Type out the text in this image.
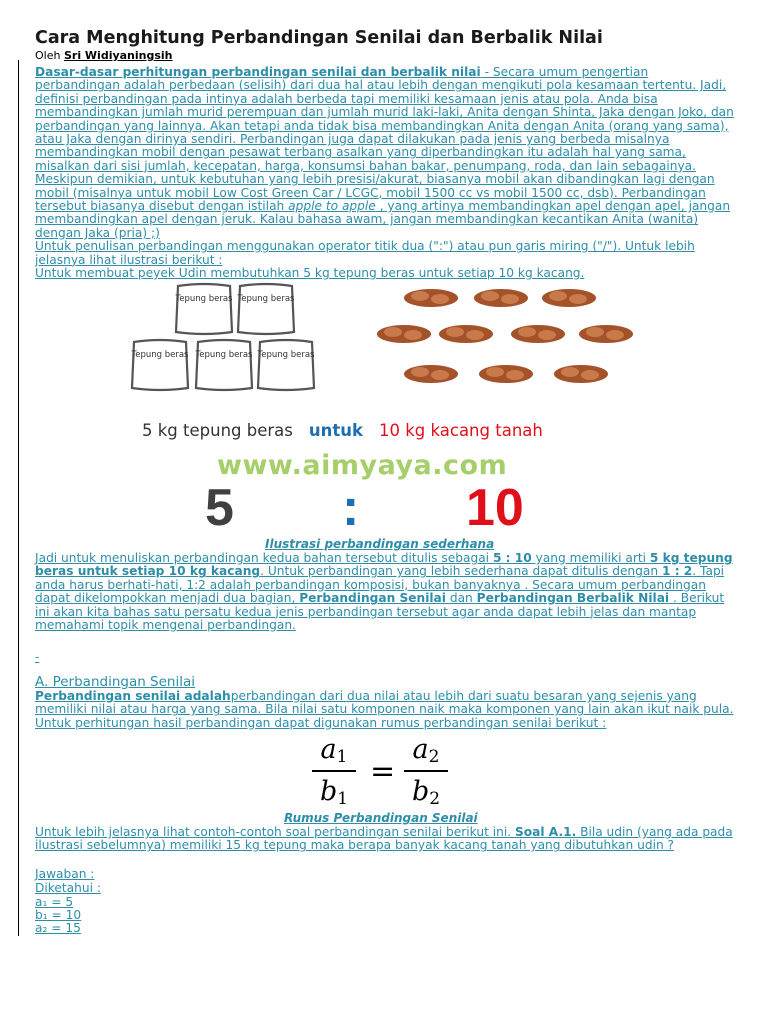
Cara Menghitung Perbandingan Senilai dan Berbalik Nilai
Oleh Sri Widiyaningsih

Dasar-dasar perhitungan perbandingan senilai dan berbalik nilai - Secara umum pengertian perbandingan adalah perbedaan (selisih) dari dua hal atau lebih dengan mengikuti pola kesamaan tertentu. Jadi, definisi perbandingan pada intinya adalah berbeda tapi memiliki kesamaan jenis atau pola. Anda bisa membandingkan jumlah murid perempuan dan jumlah murid laki-laki, Anita dengan Shinta, Jaka dengan Joko, dan perbandingan yang lainnya. Akan tetapi anda tidak bisa membandingkan Anita dengan Anita (orang yang sama), atau Jaka dengan dirinya sendiri. Perbandingan juga dapat dilakukan pada jenis yang berbeda misalnya membandingkan mobil dengan pesawat terbang asalkan yang diperbandingkan itu adalah hal yang sama, misalkan dari sisi jumlah, kecepatan, harga, konsumsi bahan bakar, penumpang, roda, dan lain sebagainya. Meskipun demikian, untuk kebutuhan yang lebih presisi/akurat, biasanya mobil akan dibandingkan lagi dengan mobil (misalnya untuk mobil Low Cost Green Car / LCGC, mobil 1500 cc vs mobil 1500 cc, dsb). Perbandingan tersebut biasanya disebut dengan istilah apple to apple , yang artinya membandingkan apel dengan apel, jangan membandingkan apel dengan jeruk. Kalau bahasa awam, jangan membandingkan kecantikan Anita (wanita) dengan Jaka (pria) ;)
Untuk penulisan perbandingan menggunakan operator titik dua (":") atau pun garis miring ("/"). Untuk lebih jelasnya lihat ilustrasi berikut :
Untuk membuat peyek Udin membutuhkan 5 kg tepung beras untuk setiap 10 kg kacang.

Tepung beras Tepung beras
Tepung beras Tepung beras Tepung beras
5 kg tepung beras untuk 10 kg kacang tanah
www.aimyaya.com
5 : 10
Ilustrasi perbandingan sederhana

Jadi untuk menuliskan perbandingan kedua bahan tersebut ditulis sebagai 5 : 10 yang memiliki arti 5 kg tepung beras untuk setiap 10 kg kacang. Untuk perbandingan yang lebih sederhana dapat ditulis dengan 1 : 2. Tapi anda harus berhati-hati, 1:2 adalah perbandingan komposisi, bukan banyaknya . Secara umum perbandingan dapat dikelompokkan menjadi dua bagian, Perbandingan Senilai dan Perbandingan Berbalik Nilai . Berikut ini akan kita bahas satu persatu kedua jenis perbandingan tersebut agar anda dapat lebih jelas dan mantap memahami topik mengenai perbandingan.

-
A. Perbandingan Senilai

Perbandingan senilai adalahperbandingan dari dua nilai atau lebih dari suatu besaran yang sejenis yang memiliki nilai atau harga yang sama. Bila nilai satu komponen naik maka komponen yang lain akan ikut naik pula. Untuk perhitungan hasil perbandingan dapat digunakan rumus perbandingan senilai berikut :

$a_1$
$b_1$
=
$a_2$
$b_2$
Rumus Perbandingan Senilai

Untuk lebih jelasnya lihat contoh-contoh soal perbandingan senilai berikut ini. Soal A.1. Bila udin (yang ada pada ilustrasi sebelumnya) memiliki 15 kg tepung maka berapa banyak kacang tanah yang dibutuhkan udin ?

Jawaban :
Diketahui :
a₁ = 5
b₁ = 10
a₂ = 15
